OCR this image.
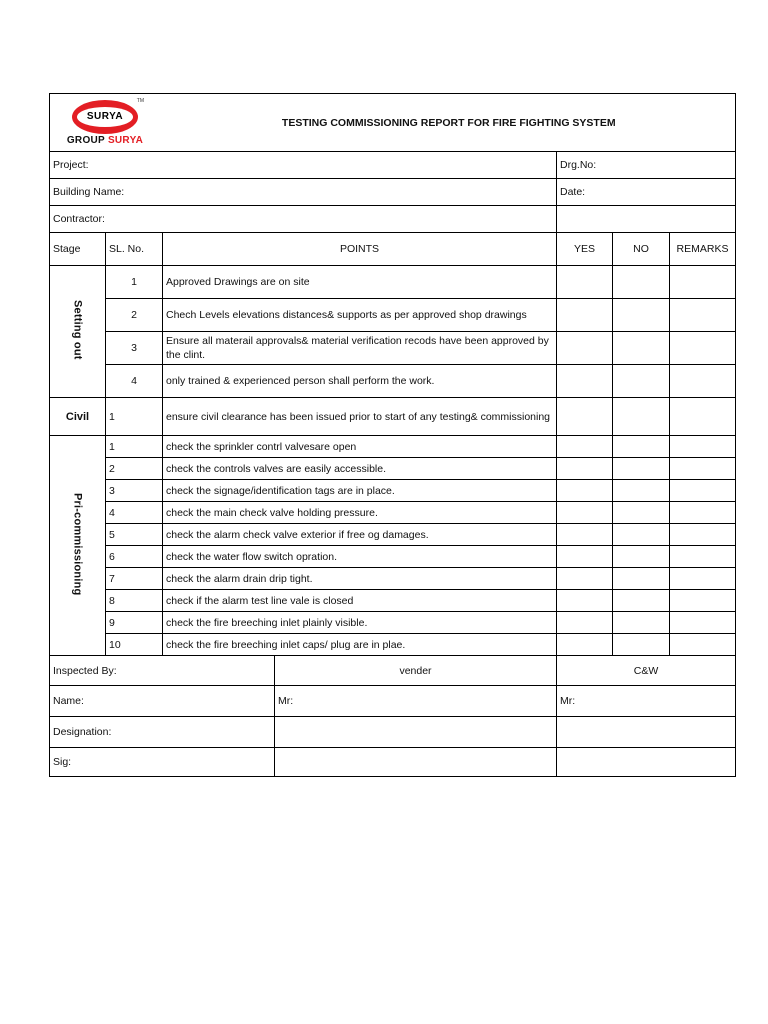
SURYA
TM
GROUP SURYA		TESTING COMMISSIONING REPORT FOR FIRE FIGHTING SYSTEM				
Project:				Drg.No:		
Building Name:				Date:		
Contractor:						
Stage	SL. No.	POINTS		YES	NO	REMARKS
Setting out	1	Approved Drawings are on site				
	2	Chech Levels elevations distances& supports as per approved shop drawings				
	3	Ensure all materail approvals& material verification recods have been approved by the clint.				
	4	only trained & experienced person shall perform the work.				
Civil	1	ensure civil clearance has been issued prior to start of any testing& commissioning				
Pri-commissioning	1	check the sprinkler contrl valvesare open				
	2	check the controls valves are easily accessible.				
	3	check the signage/identification tags are in place.				
	4	check the main check valve holding pressure.				
	5	check the alarm check valve exterior if free og damages.				
	6	check the water flow switch opration.				
	7	check the alarm drain drip tight.				
	8	check if the alarm test line vale is closed				
	9	check the fire breeching inlet plainly visible.				
	10	check the fire breeching inlet caps/ plug are in plae.				
Inspected By:			vender	C&W		
Name:			Mr:	Mr:		
Designation:						
Sig:						
